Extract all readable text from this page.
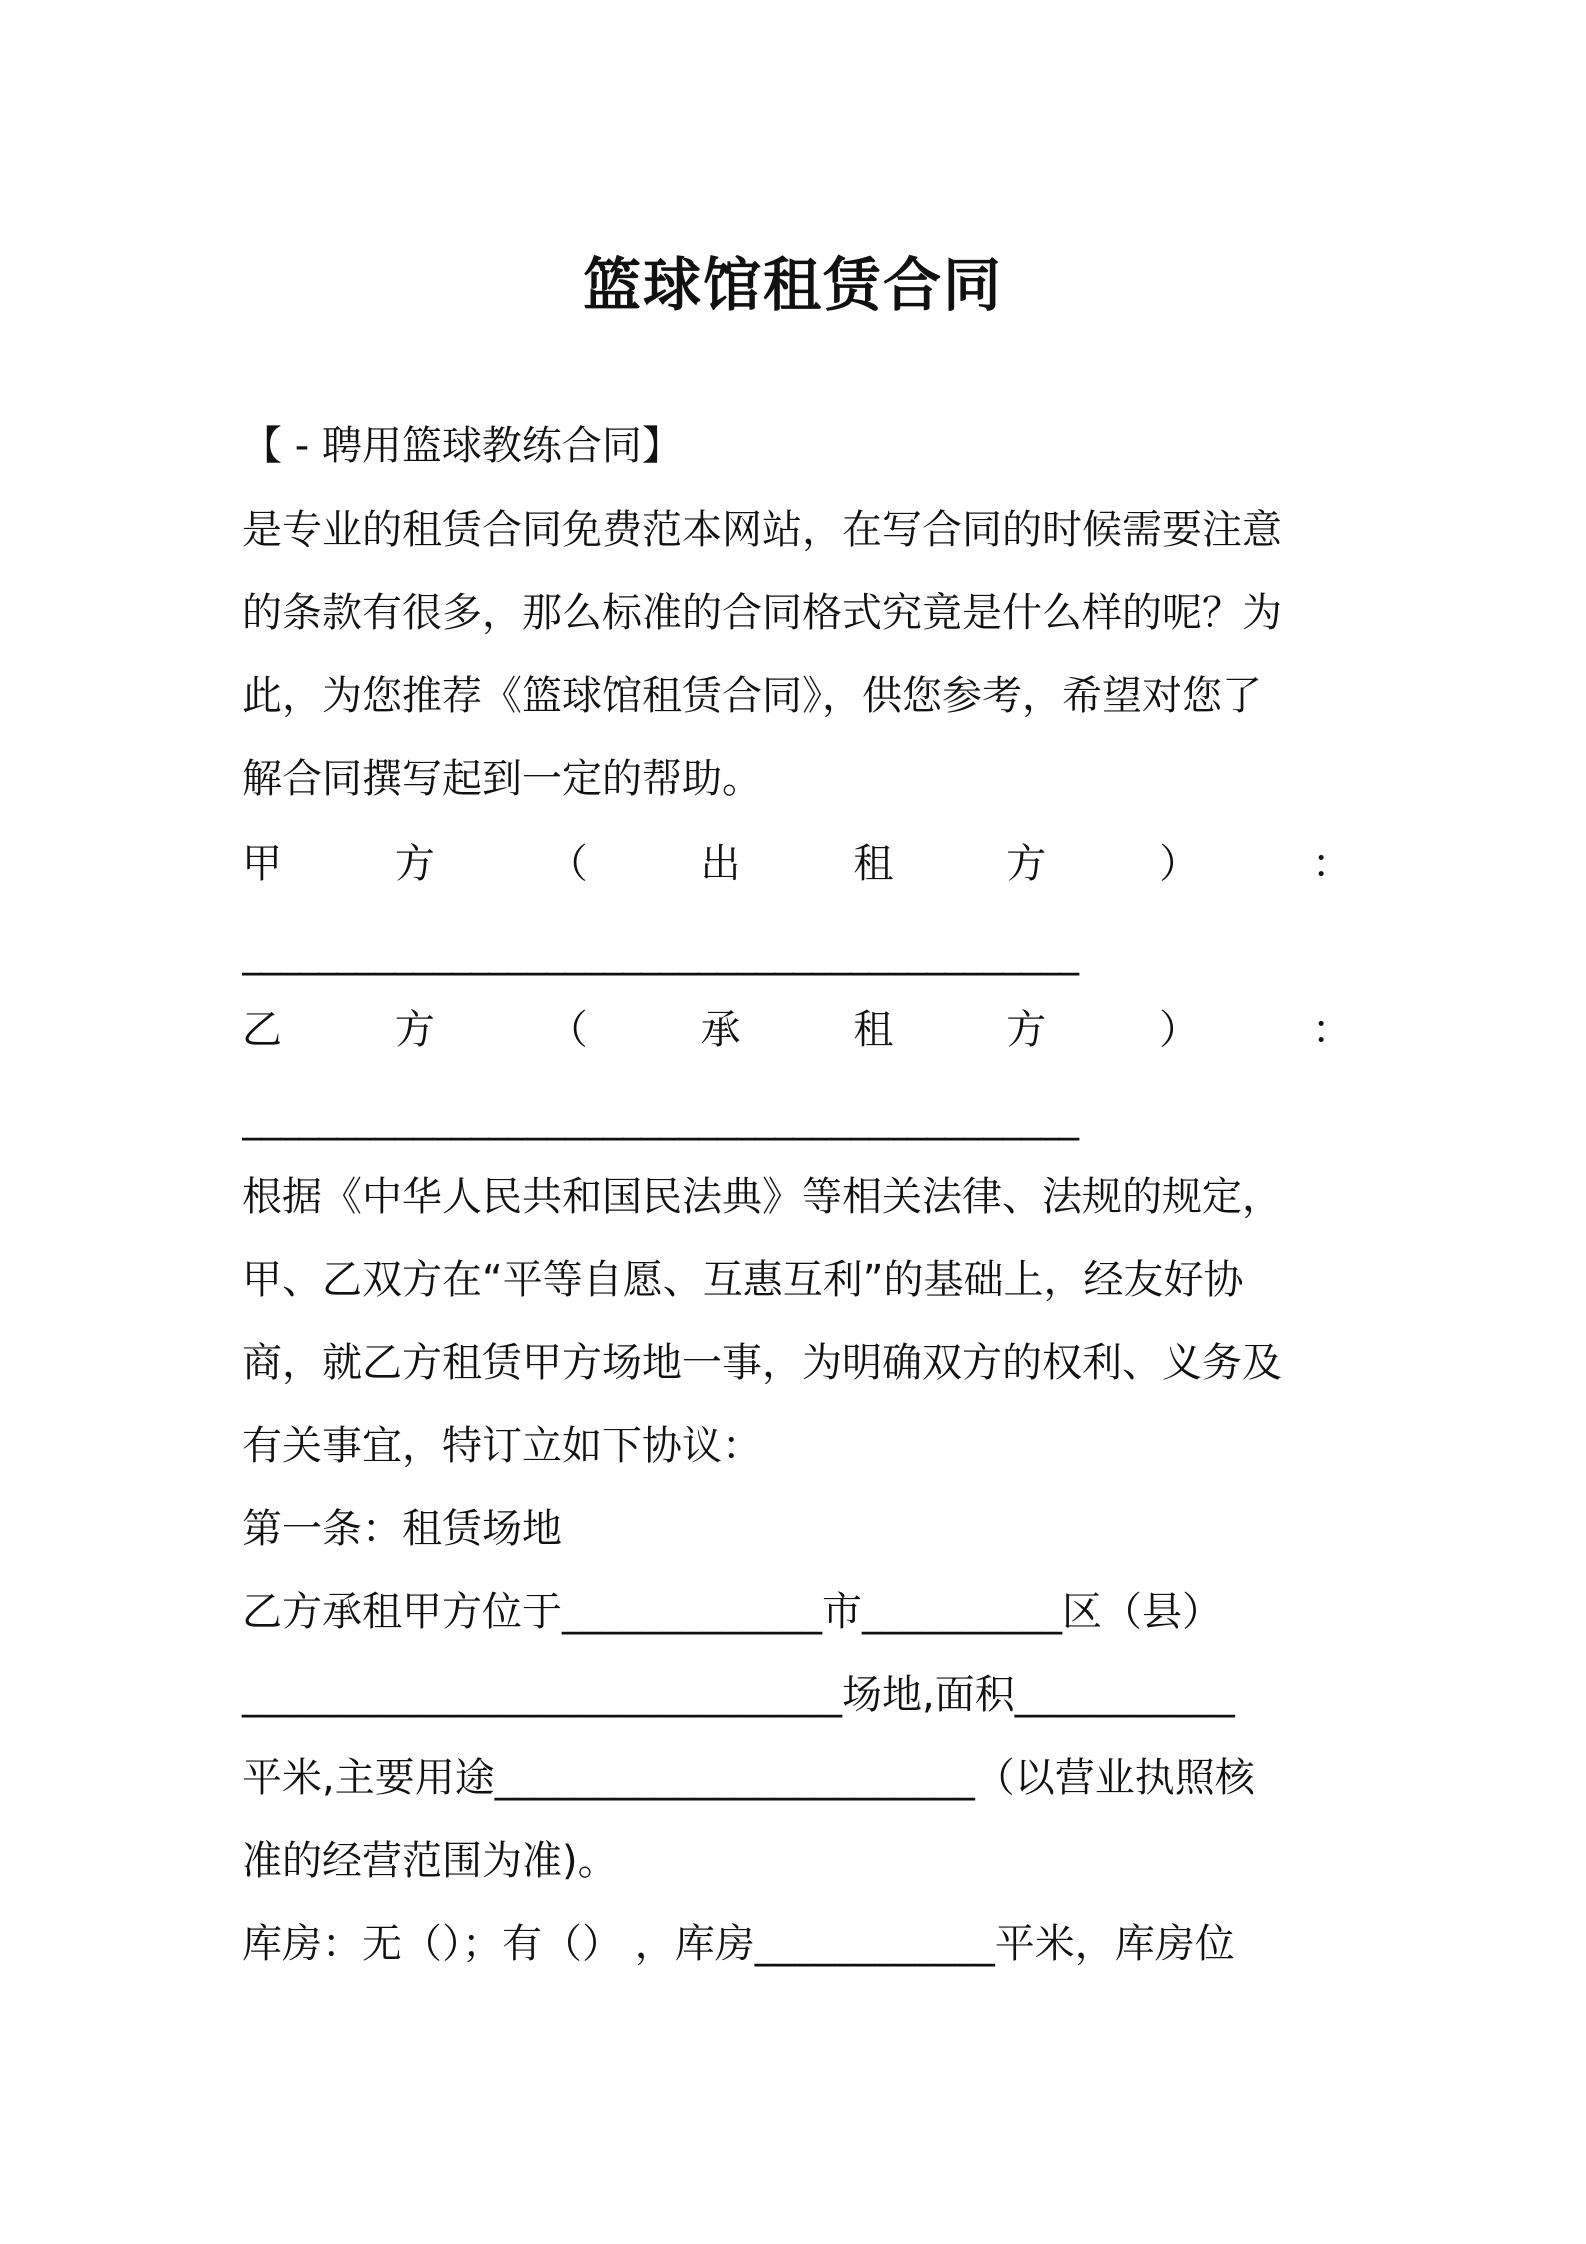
篮球馆租赁合同
【 - 聘用篮球教练合同】
是专业的租赁合同免费范本网站，在写合同的时候需要注意
的条款有很多，那么标准的合同格式究竟是什么样的呢？为
此，为您推荐《篮球馆租赁合同》，供您参考，希望对您了
解合同撰写起到一定的帮助。
甲	方	（	出	租	方	）	：
____________________________________________
乙	方	（	承	租	方	）	：
____________________________________________
根据《中华人民共和国民法典》等相关法律、法规的规定，
甲、乙双方在“平等自愿、互惠互利”的基础上，经友好协
商，就乙方租赁甲方场地一事，为明确双方的权利、义务及
有关事宜，特订立如下协议：
第一条：租赁场地
乙方承租甲方位于_____________市__________区（县）
______________________________场地,面积___________
平米,主要用途________________________（以营业执照核
准的经营范围为准)。
库房：无（）；有（） ，库房____________平米，库房位
